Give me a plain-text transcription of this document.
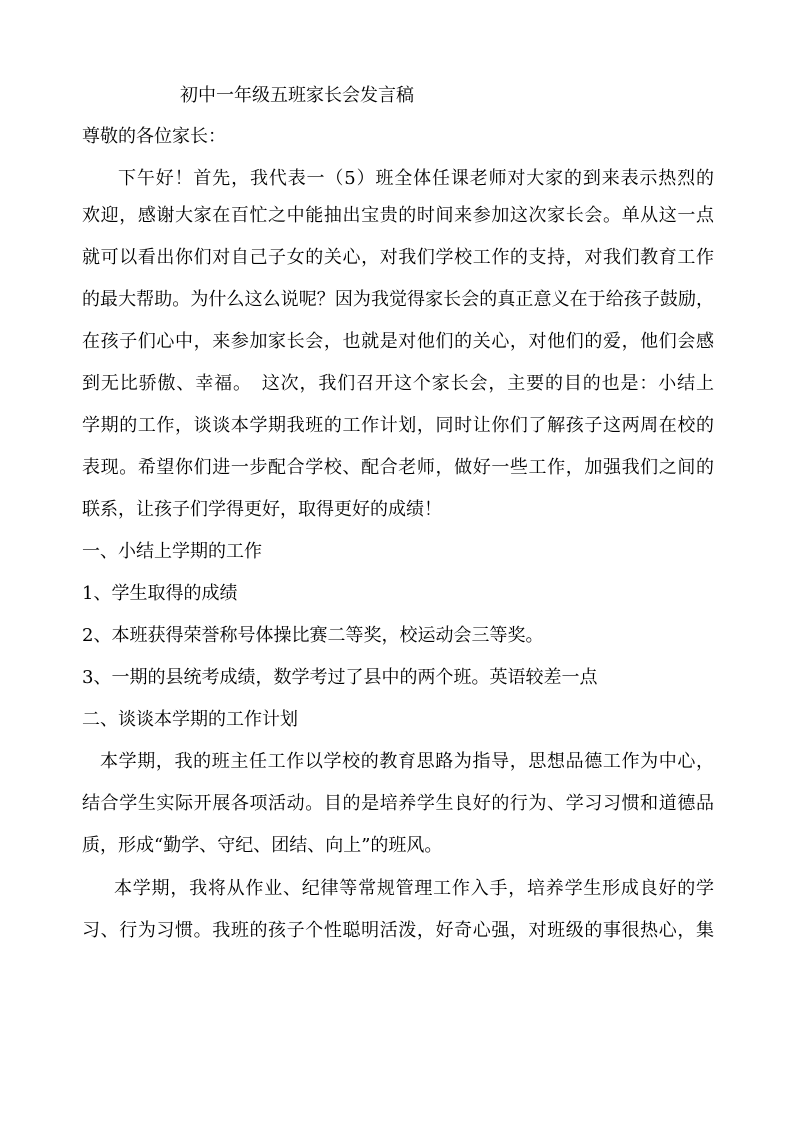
初中一年级五班家长会发言稿
尊敬的各位家长：
下午好！首先，我代表一（5）班全体任课老师对大家的到来表示热烈的
欢迎，感谢大家在百忙之中能抽出宝贵的时间来参加这次家长会。单从这一点
就可以看出你们对自己子女的关心，对我们学校工作的支持，对我们教育工作
的最大帮助。为什么这么说呢？因为我觉得家长会的真正意义在于给孩子鼓励，
在孩子们心中，来参加家长会，也就是对他们的关心，对他们的爱，他们会感
到无比骄傲、幸福。　这次，我们召开这个家长会，主要的目的也是：小结上
学期的工作，谈谈本学期我班的工作计划，同时让你们了解孩子这两周在校的
表现。希望你们进一步配合学校、配合老师，做好一些工作，加强我们之间的
联系，让孩子们学得更好，取得更好的成绩！
一、小结上学期的工作
1、学生取得的成绩
2、本班获得荣誉称号体操比赛二等奖，校运动会三等奖。
3、一期的县统考成绩，数学考过了县中的两个班。英语较差一点
二、谈谈本学期的工作计划
本学期，我的班主任工作以学校的教育思路为指导，思想品德工作为中心，
结合学生实际开展各项活动。目的是培养学生良好的行为、学习习惯和道德品
质，形成“勤学、守纪、团结、向上”的班风。
本学期，我将从作业、纪律等常规管理工作入手，培养学生形成良好的学
习、行为习惯。我班的孩子个性聪明活泼，好奇心强，对班级的事很热心，集
